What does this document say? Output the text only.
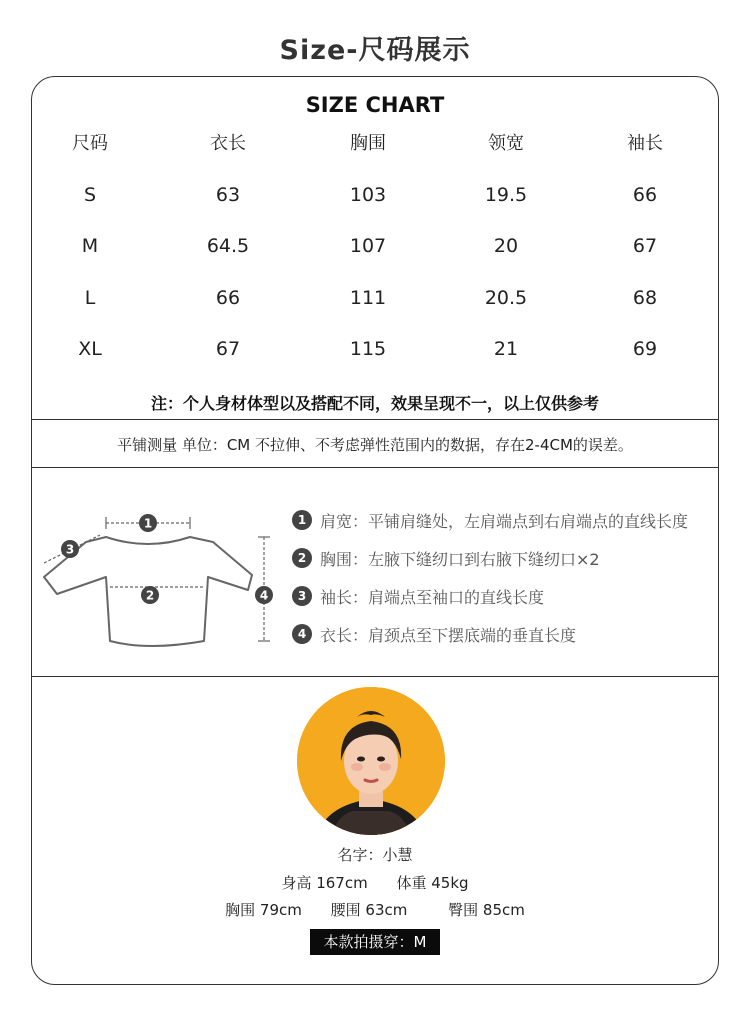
Size-尺码展示
SIZE CHART
尺码	衣长	胸围	领宽	袖长
S	63	103	19.5	66
M	64.5	107	20	67
L	66	111	20.5	68
XL	67	115	21	69
注：个人身材体型以及搭配不同，效果呈现不一，以上仅供参考
平铺测量 单位：CM 不拉伸、不考虑弹性范围内的数据，存在2-4CM的误差。
1
2
3
4
1 肩宽 ：平铺肩缝处，左肩端点到右肩端点的直线长度
2 胸围 ：左腋下缝纫口到右腋下缝纫口×2
3 袖长 ：肩端点至袖口的直线长度
4 衣长 ：肩颈点至下摆底端的垂直长度
名字：小慧
身高 167cm 体重 45kg
胸围 79cm 腰围 63cm	臀围 85cm
本款拍摄穿：M
